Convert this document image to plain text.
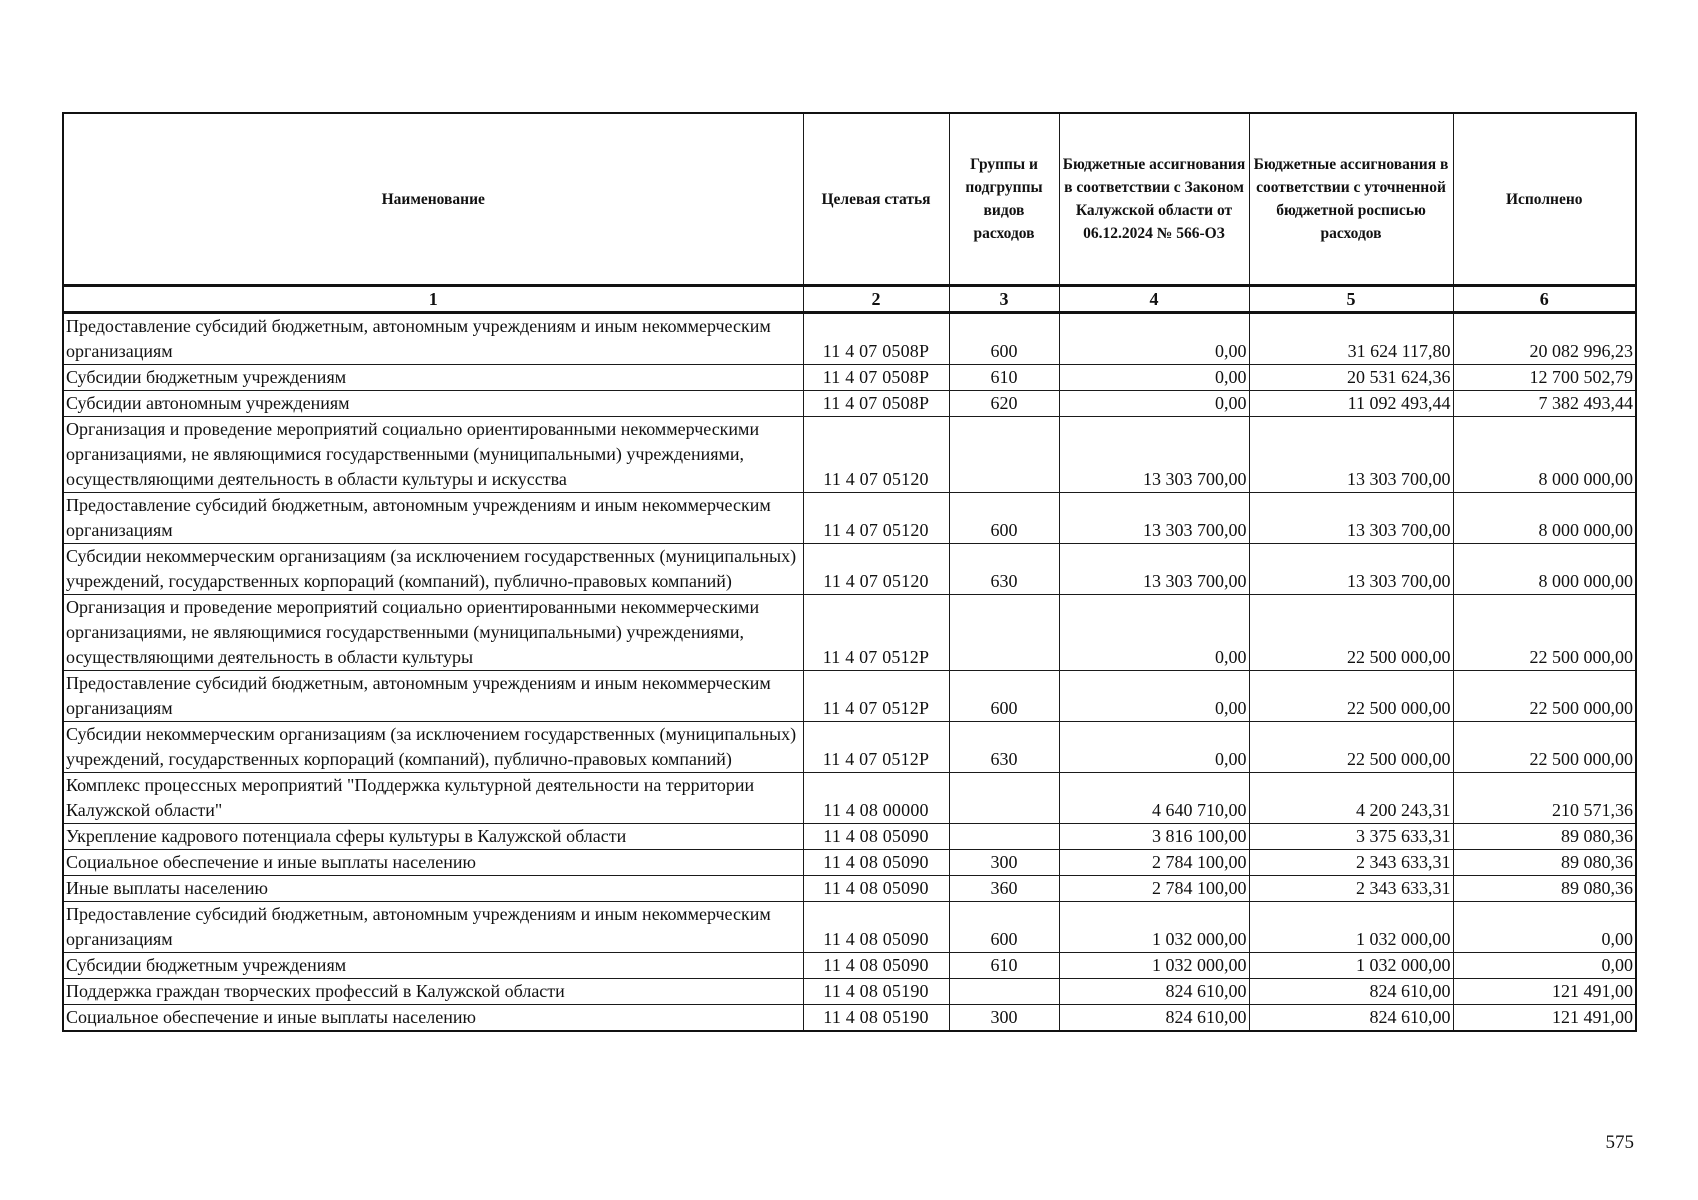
Наименование	Целевая статья	Группы и подгруппы видов расходов	Бюджетные ассигнования в соответствии с Законом Калужской области от 06.12.2024 № 566-ОЗ	Бюджетные ассигнования в соответствии с уточненной бюджетной росписью расходов	Исполнено
1	2	3	4	5	6
Предоставление субсидий бюджетным, автономным учреждениям и иным некоммерческим организациям	11 4 07 0508P	600	0,00	31 624 117,80	20 082 996,23
Субсидии бюджетным учреждениям	11 4 07 0508P	610	0,00	20 531 624,36	12 700 502,79
Субсидии автономным учреждениям	11 4 07 0508P	620	0,00	11 092 493,44	7 382 493,44
Организация и проведение мероприятий социально ориентированными некоммерческими организациями, не являющимися государственными (муниципальными) учреждениями, осуществляющими деятельность в области культуры и искусства	11 4 07 05120		13 303 700,00	13 303 700,00	8 000 000,00
Предоставление субсидий бюджетным, автономным учреждениям и иным некоммерческим организациям	11 4 07 05120	600	13 303 700,00	13 303 700,00	8 000 000,00
Субсидии некоммерческим организациям (за исключением государственных (муниципальных) учреждений, государственных корпораций (компаний), публично-правовых компаний)	11 4 07 05120	630	13 303 700,00	13 303 700,00	8 000 000,00
Организация и проведение мероприятий социально ориентированными некоммерческими организациями, не являющимися государственными (муниципальными) учреждениями, осуществляющими деятельность в области культуры	11 4 07 0512P		0,00	22 500 000,00	22 500 000,00
Предоставление субсидий бюджетным, автономным учреждениям и иным некоммерческим организациям	11 4 07 0512P	600	0,00	22 500 000,00	22 500 000,00
Субсидии некоммерческим организациям (за исключением государственных (муниципальных) учреждений, государственных корпораций (компаний), публично-правовых компаний)	11 4 07 0512P	630	0,00	22 500 000,00	22 500 000,00
Комплекс процессных мероприятий "Поддержка культурной деятельности на территории Калужской области"	11 4 08 00000		4 640 710,00	4 200 243,31	210 571,36
Укрепление кадрового потенциала сферы культуры в Калужской области	11 4 08 05090		3 816 100,00	3 375 633,31	89 080,36
Социальное обеспечение и иные выплаты населению	11 4 08 05090	300	2 784 100,00	2 343 633,31	89 080,36
Иные выплаты населению	11 4 08 05090	360	2 784 100,00	2 343 633,31	89 080,36
Предоставление субсидий бюджетным, автономным учреждениям и иным некоммерческим организациям	11 4 08 05090	600	1 032 000,00	1 032 000,00	0,00
Субсидии бюджетным учреждениям	11 4 08 05090	610	1 032 000,00	1 032 000,00	0,00
Поддержка граждан творческих профессий в Калужской области	11 4 08 05190		824 610,00	824 610,00	121 491,00
Социальное обеспечение и иные выплаты населению	11 4 08 05190	300	824 610,00	824 610,00	121 491,00
575
